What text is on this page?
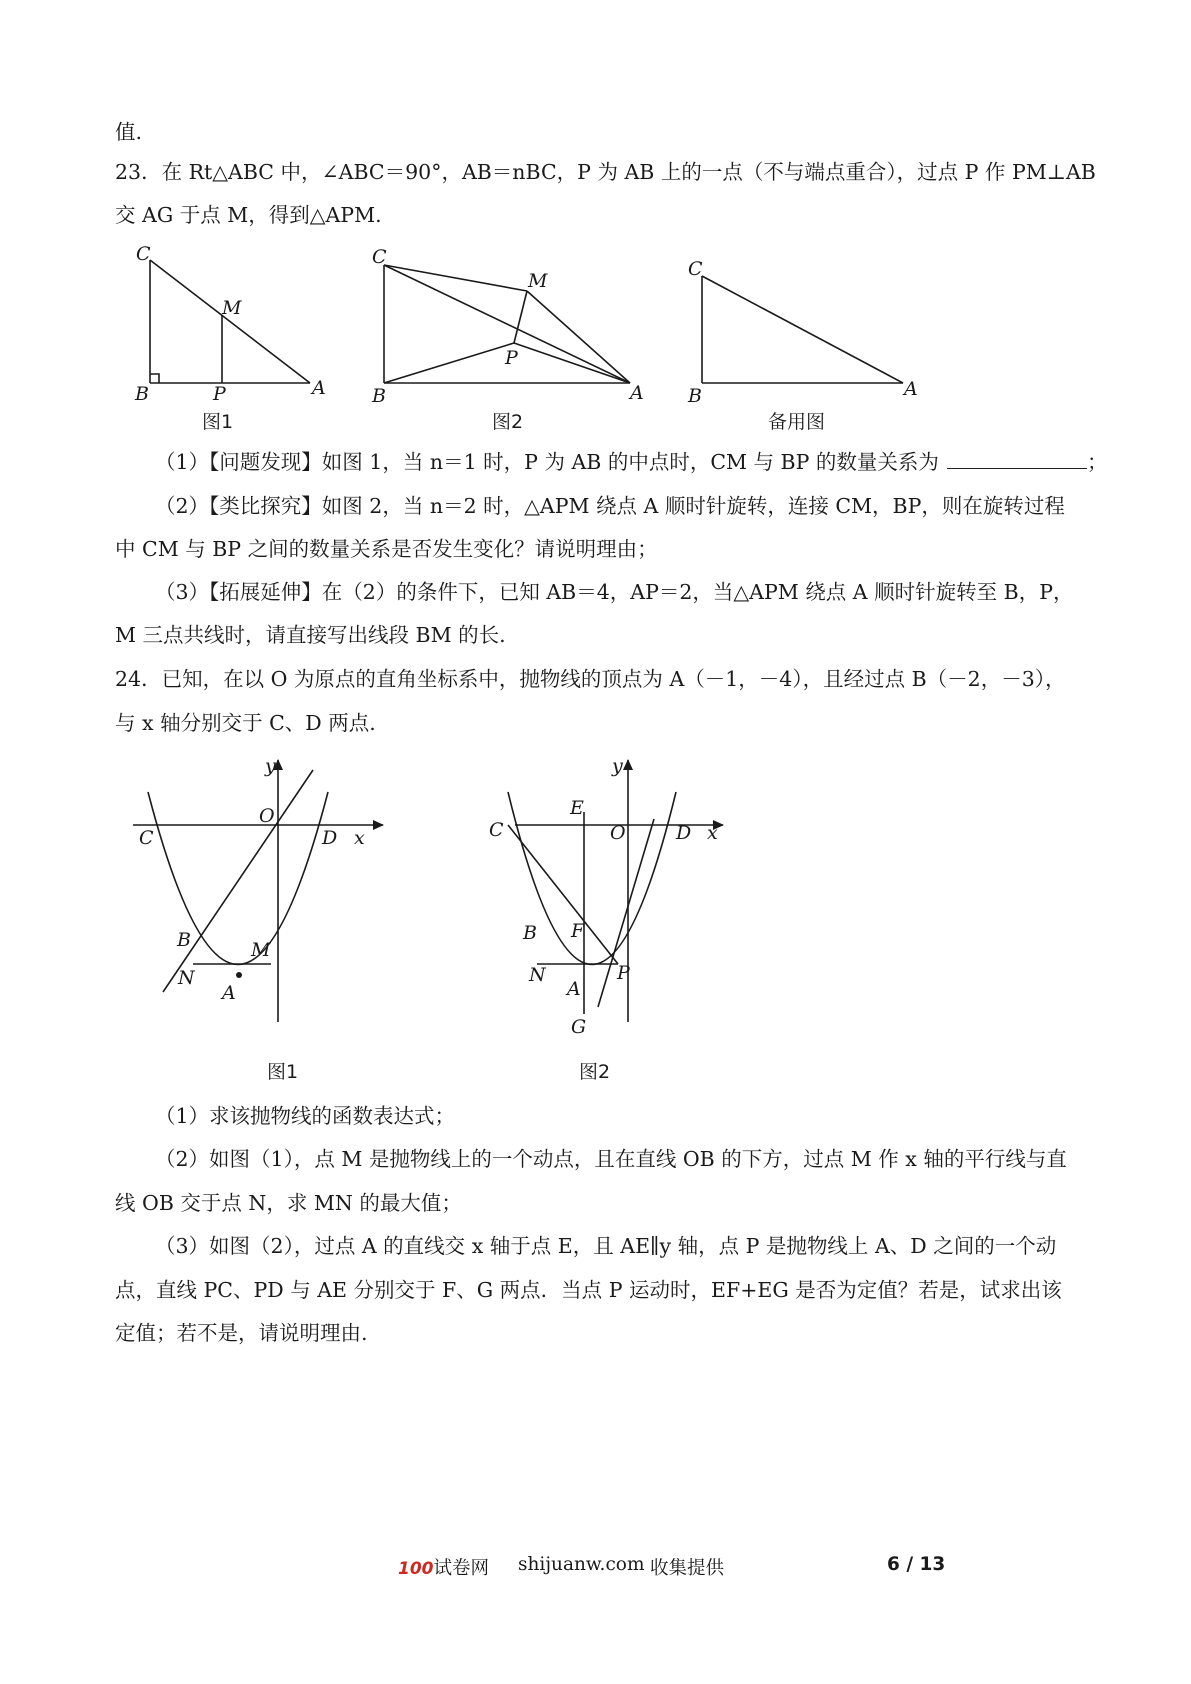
值.
23．在 Rt△ABC 中，∠ABC＝90°，AB＝nBC，P 为 AB 上的一点（不与端点重合），过点 P 作 PM⊥AB
交 AG 于点 M，得到△APM.
C
M
B	P	A
图1
C
M
P
B	A
图2
C
B	A
备用图
（1）【问题发现】如图 1，当 n＝1 时，P 为 AB 的中点时，CM 与 BP 的数量关系为	；
（2）【类比探究】如图 2，当 n＝2 时，△APM 绕点 A 顺时针旋转，连接 CM，BP，则在旋转过程
中 CM 与 BP 之间的数量关系是否发生变化？请说明理由；
（3）【拓展延伸】在（2）的条件下，已知 AB＝4，AP＝2，当△APM 绕点 A 顺时针旋转至 B，P，
M 三点共线时，请直接写出线段 BM 的长.
24．已知，在以 O 为原点的直角坐标系中，抛物线的顶点为 A（－1，－4），且经过点 B（－2，－3），
与 x 轴分别交于 C、D 两点.
y
O
C	D x
B	M
N
A
图1
y
E
C	O	D x
B F
N	P
A
G
图2
（1）求该抛物线的函数表达式；
（2）如图（1），点 M 是抛物线上的一个动点，且在直线 OB 的下方，过点 M 作 x 轴的平行线与直
线 OB 交于点 N，求 MN 的最大值；
（3）如图（2），过点 A 的直线交 x 轴于点 E，且 AE∥y 轴，点 P 是抛物线上 A、D 之间的一个动
点，直线 PC、PD 与 AE 分别交于 F、G 两点．当点 P 运动时，EF+EG 是否为定值？若是，试求出该
定值；若不是，请说明理由.
100试卷网 shijuanw.com 收集提供	6 / 13
